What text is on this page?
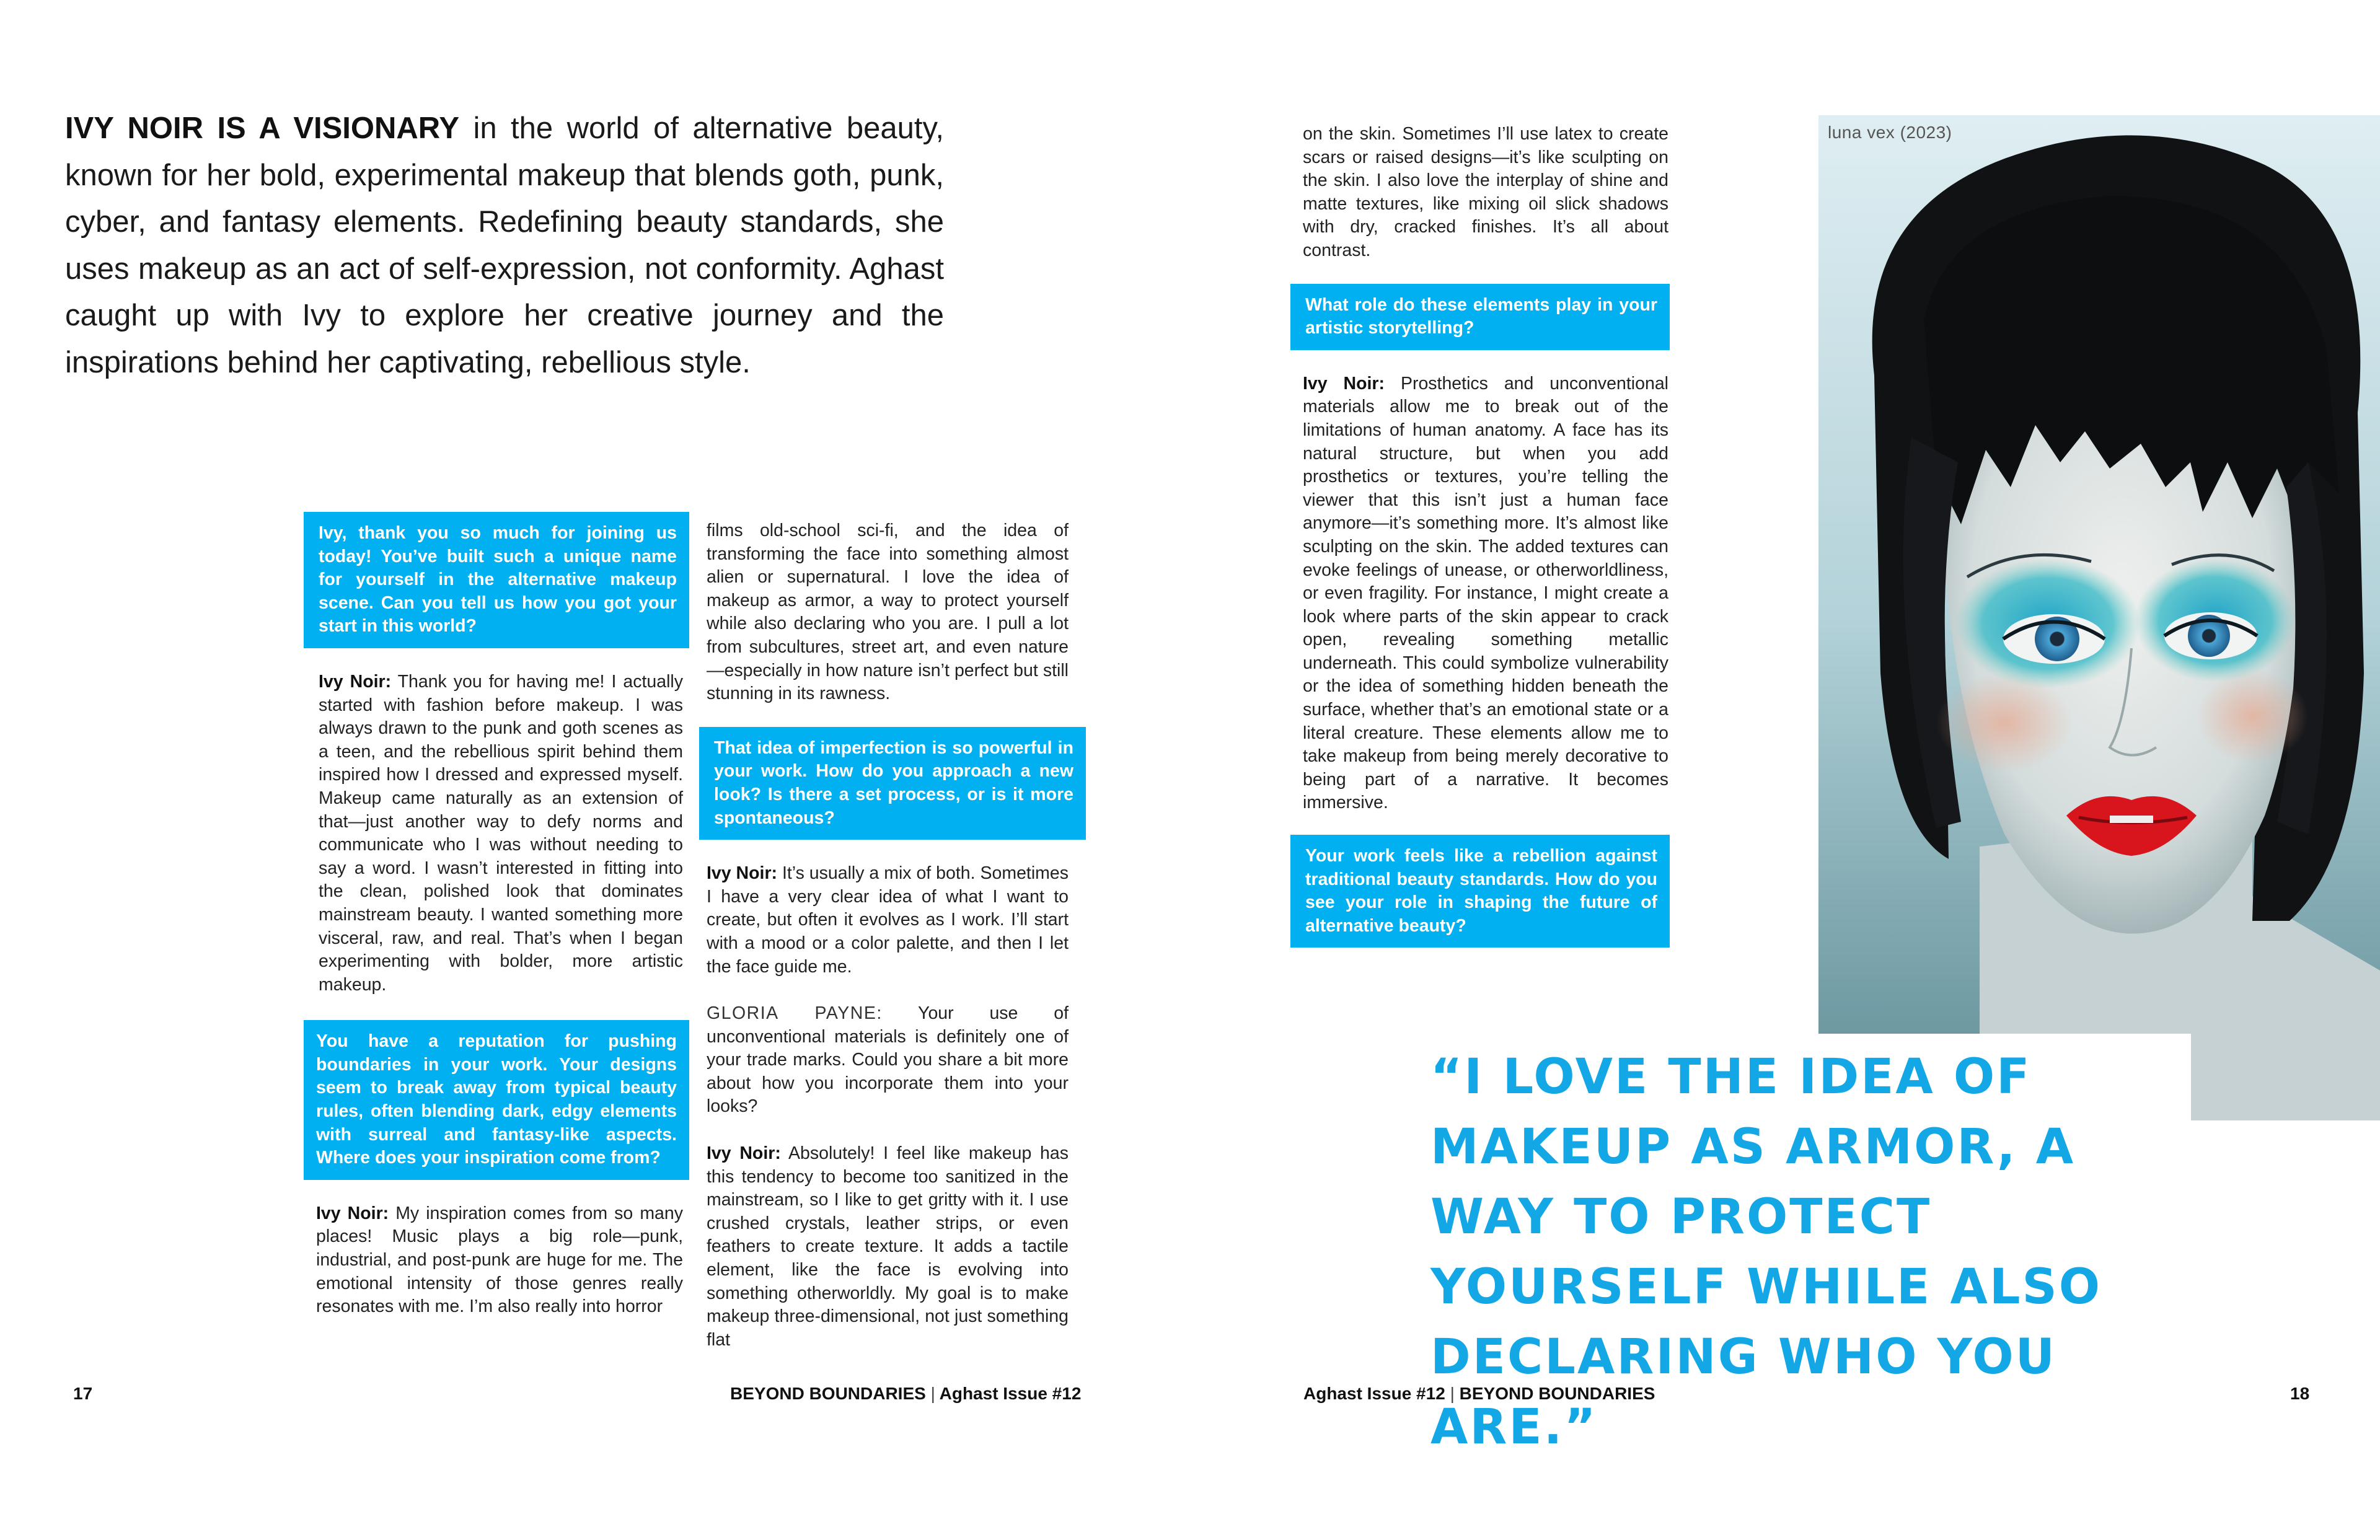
IVY NOIR IS A VISIONARY in the world of alternative beauty, known for her bold, experimental makeup that blends goth, punk, cyber, and fantasy elements. Redefining beauty standards, she uses makeup as an act of self-expression, not conformity. Aghast caught up with Ivy to explore her creative journey and the inspirations behind her captivating, rebellious style.
Ivy, thank you so much for joining us today! You’ve built such a unique name for yourself in the alternative makeup scene. Can you tell us how you got your start in this world?

Ivy Noir: Thank you for having me! I actually started with fashion before makeup. I was always drawn to the punk and goth scenes as a teen, and the rebellious spirit behind them inspired how I dressed and expressed myself. Makeup came naturally as an extension of that—just another way to defy norms and communicate who I was without needing to say a word. I wasn’t interested in fitting into the clean, polished look that dominates mainstream beauty. I wanted something more visceral, raw, and real. That’s when I began experimenting with bolder, more artistic makeup.

You have a reputation for pushing boundaries in your work. Your designs seem to break away from typical beauty rules, often blending dark, edgy elements with surreal and fantasy-like aspects. Where does your inspiration come from?

Ivy Noir: My inspiration comes from so many places! Music plays a big role—punk, industrial, and post-punk are huge for me. The emotional intensity of those genres really resonates with me. I’m also really into horror

films old-school sci-fi, and the idea of transforming the face into something almost alien or supernatural. I love the idea of makeup as armor, a way to protect yourself while also declaring who you are. I pull a lot from subcultures, street art, and even nature—especially in how nature isn’t perfect but still stunning in its rawness.

That idea of imperfection is so powerful in your work. How do you approach a new look? Is there a set process, or is it more spontaneous?

Ivy Noir: It’s usually a mix of both. Sometimes I have a very clear idea of what I want to create, but often it evolves as I work. I’ll start with a mood or a color palette, and then I let the face guide me.

GLORIA PAYNE: Your use of unconventional materials is definitely one of your trade marks. Could you share a bit more about how you incorporate them into your looks?

Ivy Noir: Absolutely! I feel like makeup has this tendency to become too sanitized in the mainstream, so I like to get gritty with it. I use crushed crystals, leather strips, or even feathers to create texture. It adds a tactile element, like the face is evolving into something otherworldly. My goal is to make makeup three-dimensional, not just something flat

17	BEYOND BOUNDARIES | Aghast Issue #12

on the skin. Sometimes I’ll use latex to create scars or raised designs—it’s like sculpting on the skin. I also love the interplay of shine and matte textures, like mixing oil slick shadows with dry, cracked finishes. It’s all about contrast.

What role do these elements play in your artistic storytelling?

Ivy Noir: Prosthetics and unconventional materials allow me to break out of the limitations of human anatomy. A face has its natural structure, but when you add prosthetics or textures, you’re telling the viewer that this isn’t just a human face anymore—it’s something more. It’s almost like sculpting on the skin. The added textures can evoke feelings of unease, or otherworldliness, or even fragility. For instance, I might create a look where parts of the skin appear to crack open, revealing something metallic underneath. This could symbolize vulnerability or the idea of something hidden beneath the surface, whether that’s an emotional state or a literal creature. These elements allow me to take makeup from being merely decorative to being part of a narrative. It becomes immersive.

Your work feels like a rebellion against traditional beauty standards. How do you see your role in shaping the future of alternative beauty?
luna vex (2023)
“I LOVE THE IDEA OF MAKEUP AS ARMOR, A WAY TO PROTECT YOURSELF WHILE ALSO DECLARING WHO YOU ARE.”
Aghast Issue #12 | BEYOND BOUNDARIES	18
